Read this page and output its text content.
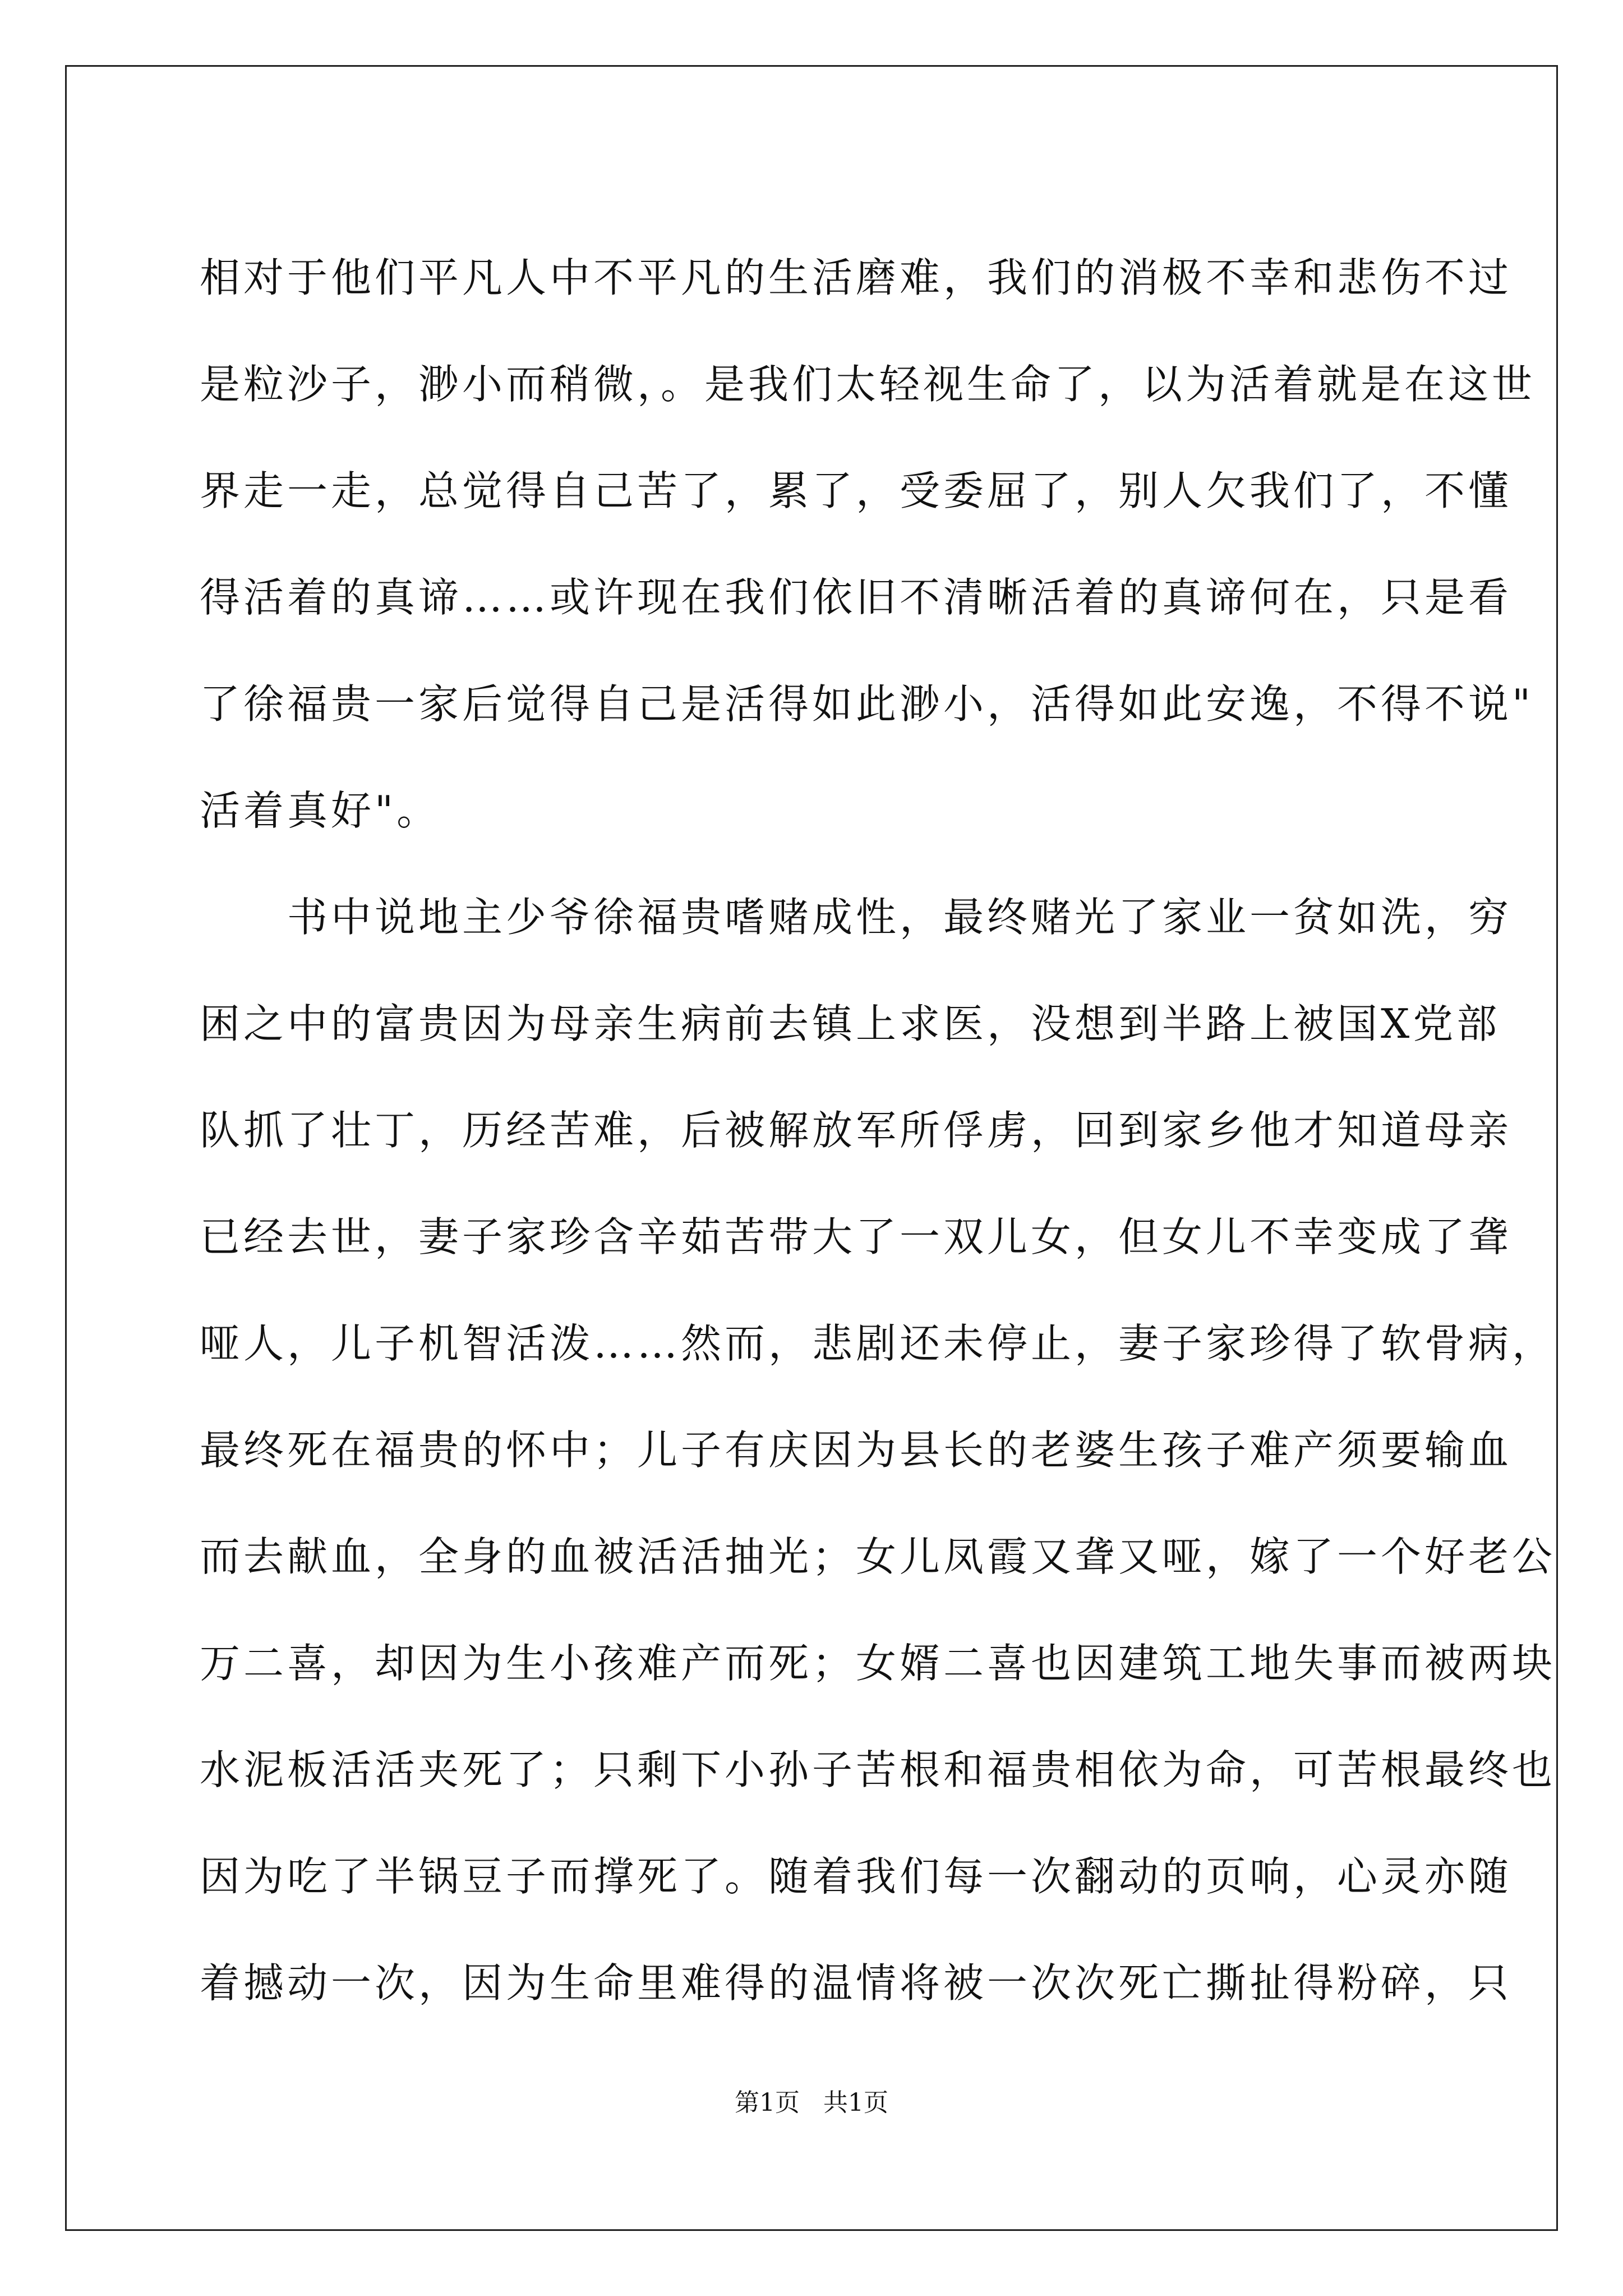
相对于他们平凡人中不平凡的生活磨难，我们的消极不幸和悲伤不过
是粒沙子，渺小而稍微，。是我们太轻视生命了，以为活着就是在这世
界走一走，总觉得自己苦了，累了，受委屈了，别人欠我们了，不懂
得活着的真谛……或许现在我们依旧不清晰活着的真谛何在，只是看
了徐福贵一家后觉得自己是活得如此渺小，活得如此安逸，不得不说"
活着真好"。
书中说地主少爷徐福贵嗜赌成性，最终赌光了家业一贫如洗，穷
困之中的富贵因为母亲生病前去镇上求医，没想到半路上被国X党部
队抓了壮丁，历经苦难，后被解放军所俘虏，回到家乡他才知道母亲
已经去世，妻子家珍含辛茹苦带大了一双儿女，但女儿不幸变成了聋
哑人，儿子机智活泼……然而，悲剧还未停止，妻子家珍得了软骨病，
最终死在福贵的怀中；儿子有庆因为县长的老婆生孩子难产须要输血
而去献血，全身的血被活活抽光；女儿凤霞又聋又哑，嫁了一个好老公
万二喜，却因为生小孩难产而死；女婿二喜也因建筑工地失事而被两块
水泥板活活夹死了；只剩下小孙子苦根和福贵相依为命，可苦根最终也
因为吃了半锅豆子而撑死了。随着我们每一次翻动的页响，心灵亦随
着撼动一次，因为生命里难得的温情将被一次次死亡撕扯得粉碎，只
第1页   共1页
